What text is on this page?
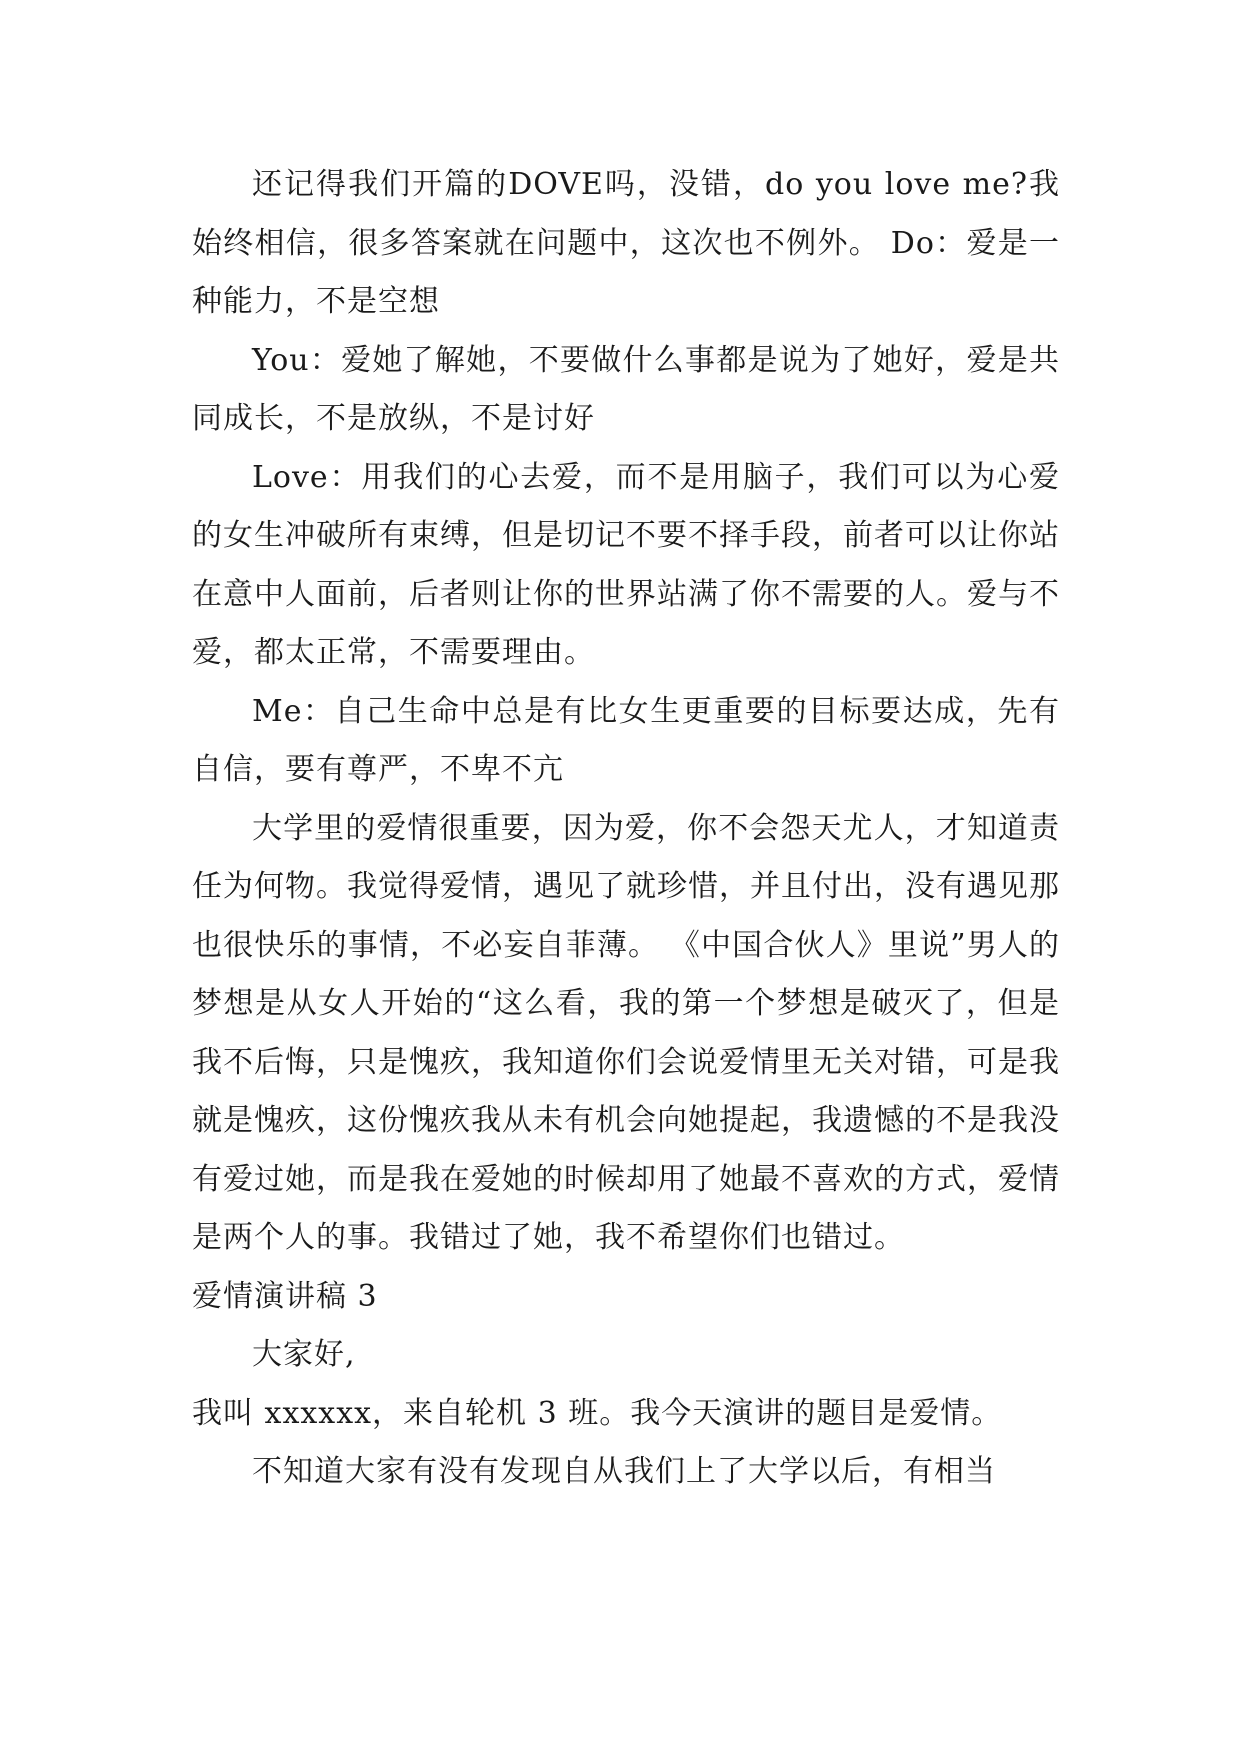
还记得我们开篇的DOVE吗，没错，do you love me?我始终相信，很多答案就在问题中，这次也不例外。 Do：爱是一种能力，不是空想

You：爱她了解她，不要做什么事都是说为了她好，爱是共同成长，不是放纵，不是讨好

Love：用我们的心去爱，而不是用脑子，我们可以为心爱的女生冲破所有束缚，但是切记不要不择手段，前者可以让你站在意中人面前，后者则让你的世界站满了你不需要的人。爱与不爱，都太正常，不需要理由。

Me：自己生命中总是有比女生更重要的目标要达成，先有自信，要有尊严，不卑不亢

大学里的爱情很重要，因为爱，你不会怨天尤人，才知道责任为何物。我觉得爱情，遇见了就珍惜，并且付出，没有遇见那也很快乐的事情，不必妄自菲薄。 《中国合伙人》里说”男人的梦想是从女人开始的“这么看，我的第一个梦想是破灭了，但是我不后悔，只是愧疚，我知道你们会说爱情里无关对错，可是我就是愧疚，这份愧疚我从未有机会向她提起，我遗憾的不是我没有爱过她，而是我在爱她的时候却用了她最不喜欢的方式，爱情是两个人的事。我错过了她，我不希望你们也错过。

爱情演讲稿 3

大家好,

我叫 xxxxxx，来自轮机 3 班。我今天演讲的题目是爱情。

不知道大家有没有发现自从我们上了大学以后，有相当
